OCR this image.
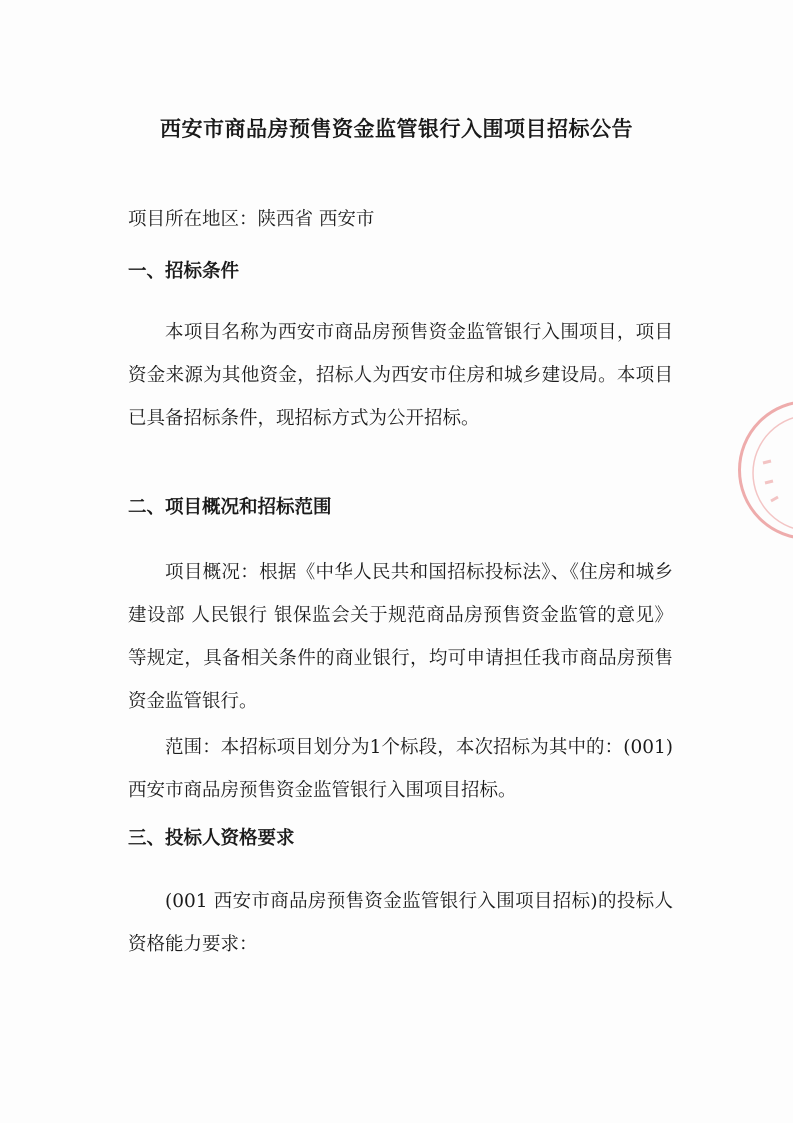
西安市商品房预售资金监管银行入围项目招标公告
项目所在地区：陕西省 西安市
一、招标条件

本项目名称为西安市商品房预售资金监管银行入围项目，项目资金来源为其他资金，招标人为西安市住房和城乡建设局。本项目已具备招标条件，现招标方式为公开招标。

二、项目概况和招标范围

项目概况：根据《中华人民共和国招标投标法》、《住房和城乡建设部 人民银行 银保监会关于规范商品房预售资金监管的意见》等规定，具备相关条件的商业银行，均可申请担任我市商品房预售资金监管银行。

范围：本招标项目划分为1个标段，本次招标为其中的：(001)西安市商品房预售资金监管银行入围项目招标。

三、投标人资格要求

(001 西安市商品房预售资金监管银行入围项目招标)的投标人资格能力要求：
